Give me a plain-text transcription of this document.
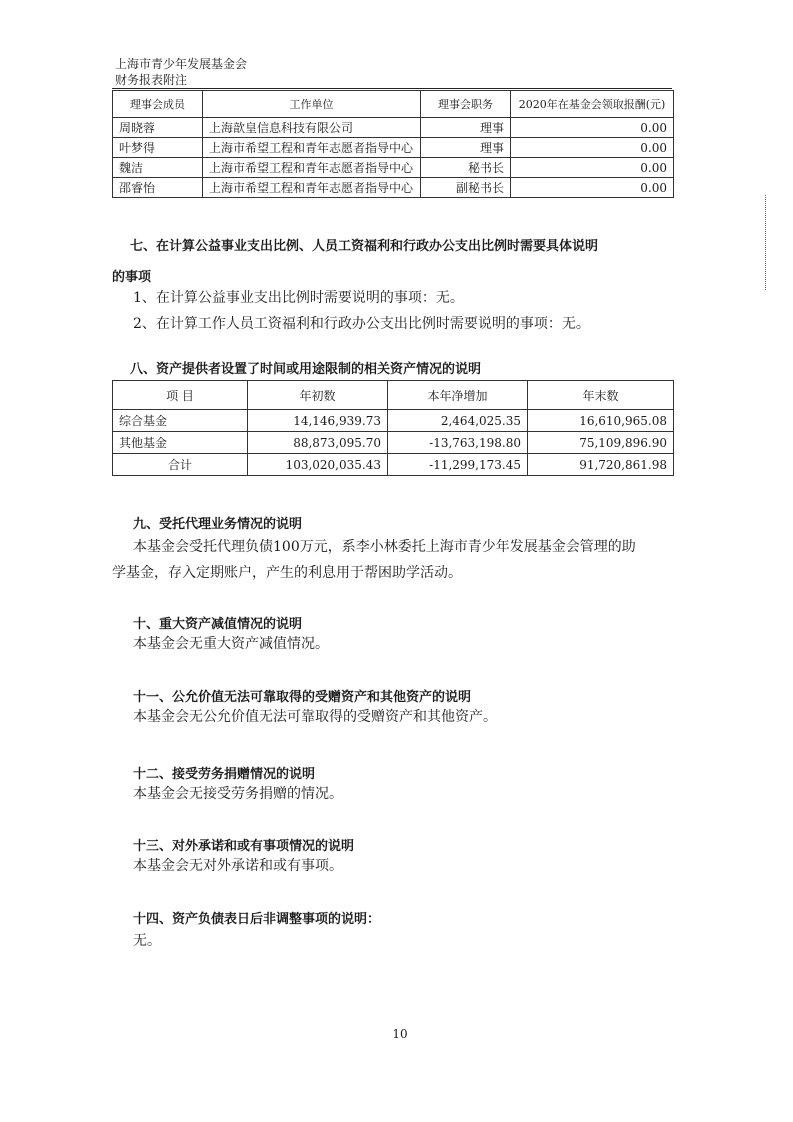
上海市青少年发展基金会
财务报表附注
理事会成员	工作单位	理事会职务	2020年在基金会领取报酬(元)
周晓蓉	上海歆皇信息科技有限公司	理事	0.00
叶梦得	上海市希望工程和青年志愿者指导中心	理事	0.00
魏洁	上海市希望工程和青年志愿者指导中心	秘书长	0.00
邵睿怡	上海市希望工程和青年志愿者指导中心	副秘书长	0.00
七、在计算公益事业支出比例、人员工资福利和行政办公支出比例时需要具体说明
的事项
1、在计算公益事业支出比例时需要说明的事项：无。
2、在计算工作人员工资福利和行政办公支出比例时需要说明的事项：无。
八、资产提供者设置了时间或用途限制的相关资产情况的说明
项 目	年初数	本年净增加	年末数
综合基金	14,146,939.73	2,464,025.35	16,610,965.08
其他基金	88,873,095.70	-13,763,198.80	75,109,896.90
合计	103,020,035.43	-11,299,173.45	91,720,861.98
九、受托代理业务情况的说明
本基金会受托代理负债100万元，系李小林委托上海市青少年发展基金会管理的助
学基金，存入定期账户，产生的利息用于帮困助学活动。
十、重大资产减值情况的说明
本基金会无重大资产减值情况。
十一、公允价值无法可靠取得的受赠资产和其他资产的说明
本基金会无公允价值无法可靠取得的受赠资产和其他资产。
十二、接受劳务捐赠情况的说明
本基金会无接受劳务捐赠的情况。
十三、对外承诺和或有事项情况的说明
本基金会无对外承诺和或有事项。
十四、资产负债表日后非调整事项的说明：
无。
10
